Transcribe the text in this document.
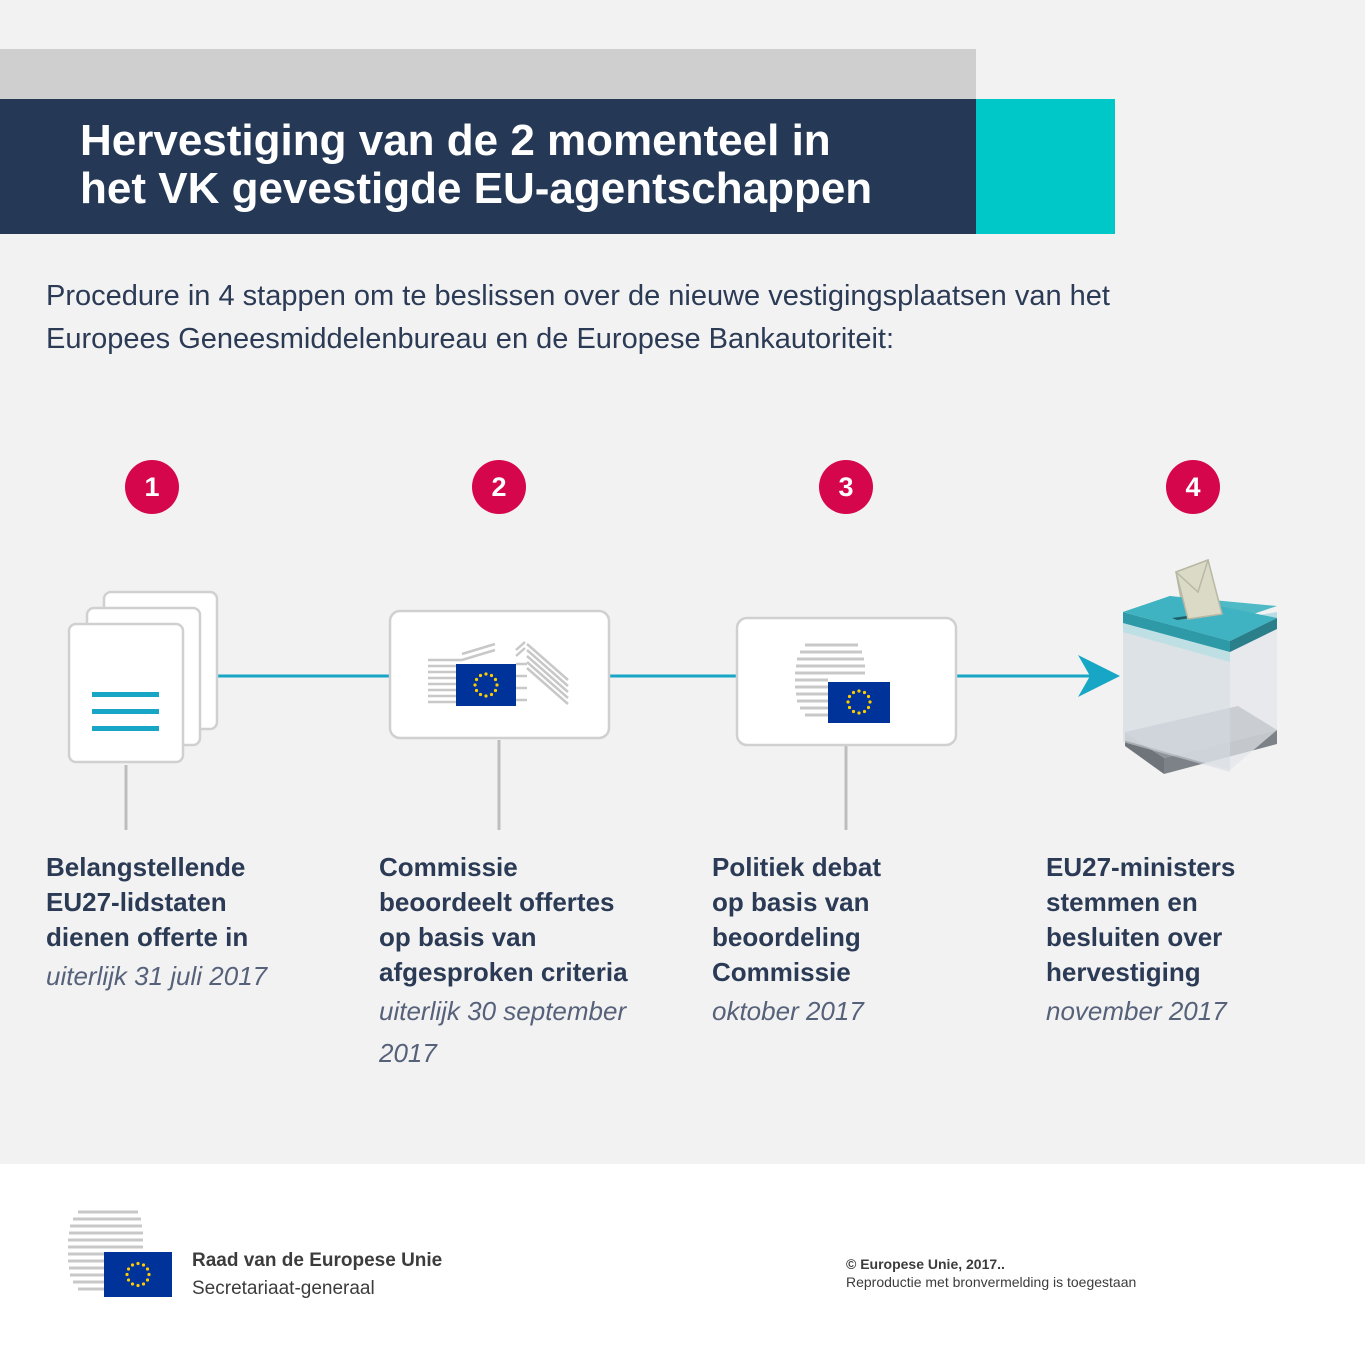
Hervestiging van de 2 momenteel in
het VK gevestigde EU-agentschappen

Procedure in 4 stappen om te beslissen over de nieuwe vestigingsplaatsen van het
Europees Geneesmiddelenbureau en de Europese Bankautoriteit:

1	2	3	4

Belangstellende
EU27-lidstaten
dienen offerte in

uiterlijk 31 juli 2017

Commissie
beoordeelt offertes
op basis van
afgesproken criteria

uiterlijk 30 september
2017

Politiek debat
op basis van
beoordeling
Commissie

oktober 2017

EU27-ministers
stemmen en
besluiten over
hervestiging

november 2017

Raad van de Europese Unie

Secretariaat-generaal

© Europese Unie, 2017..

Reproductie met bronvermelding is toegestaan
